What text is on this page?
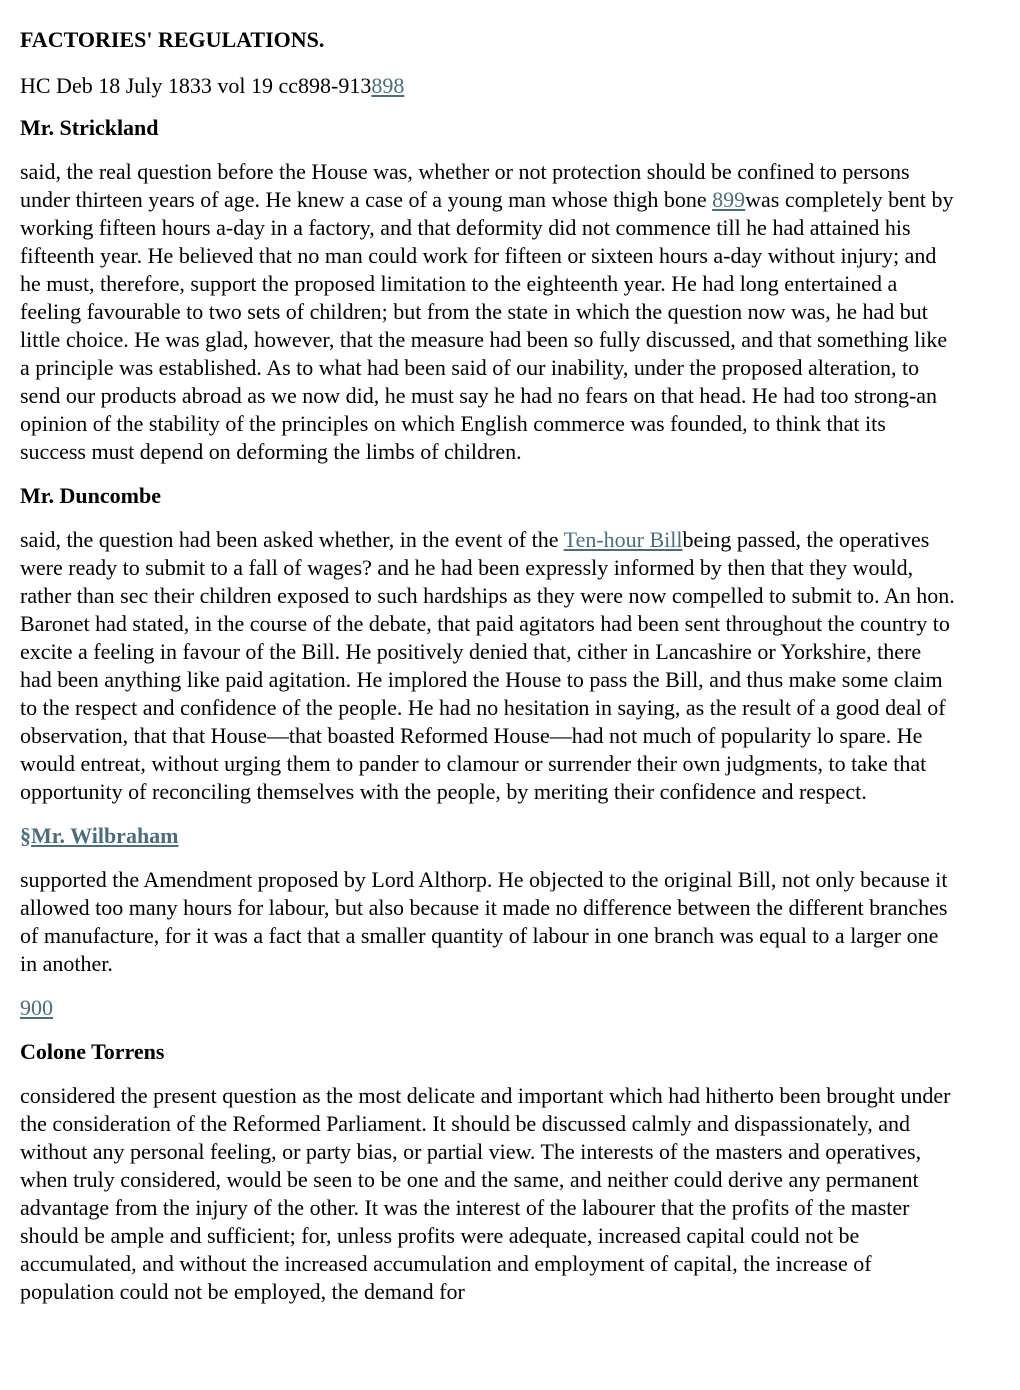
FACTORIES' REGULATIONS.
HC Deb 18 July 1833 vol 19 cc898-913898
Mr. Strickland
said, the real question before the House was, whether or not protection should be confined to persons under thirteen years of age. He knew a case of a young man whose thigh bone 899was completely bent by working fifteen hours a-day in a factory, and that deformity did not commence till he had attained his fifteenth year. He believed that no man could work for fifteen or sixteen hours a-day without injury; and he must, therefore, support the proposed limitation to the eighteenth year. He had long entertained a feeling favourable to two sets of children; but from the state in which the question now was, he had but little choice. He was glad, however, that the measure had been so fully discussed, and that something like a principle was established. As to what had been said of our inability, under the proposed alteration, to send our products abroad as we now did, he must say he had no fears on that head. He had too strong-an opinion of the stability of the principles on which English commerce was founded, to think that its success must depend on deforming the limbs of children.
Mr. Duncombe
said, the question had been asked whether, in the event of the Ten-hour Billbeing passed, the operatives were ready to submit to a fall of wages? and he had been expressly informed by then that they would, rather than sec their children exposed to such hardships as they were now compelled to submit to. An hon. Baronet had stated, in the course of the debate, that paid agitators had been sent throughout the country to excite a feeling in favour of the Bill. He positively denied that, cither in Lancashire or Yorkshire, there had been anything like paid agitation. He implored the House to pass the Bill, and thus make some claim to the respect and confidence of the people. He had no hesitation in saying, as the result of a good deal of observation, that that House—that boasted Reformed House—had not much of popularity lo spare. He would entreat, without urging them to pander to clamour or surrender their own judgments, to take that opportunity of reconciling themselves with the people, by meriting their confidence and respect.
§Mr. Wilbraham
supported the Amendment proposed by Lord Althorp. He objected to the original Bill, not only because it allowed too many hours for labour, but also because it made no difference between the different branches of manufacture, for it was a fact that a smaller quantity of labour in one branch was equal to a larger one in another.
900
Colone Torrens
considered the present question as the most delicate and important which had hitherto been brought under the consideration of the Reformed Parliament. It should be discussed calmly and dispassionately, and without any personal feeling, or party bias, or partial view. The interests of the masters and operatives, when truly considered, would be seen to be one and the same, and neither could derive any permanent advantage from the injury of the other. It was the interest of the labourer that the profits of the master should be ample and sufficient; for, unless profits were adequate, increased capital could not be accumulated, and without the increased accumulation and employment of capital, the increase of population could not be employed, the demand for
